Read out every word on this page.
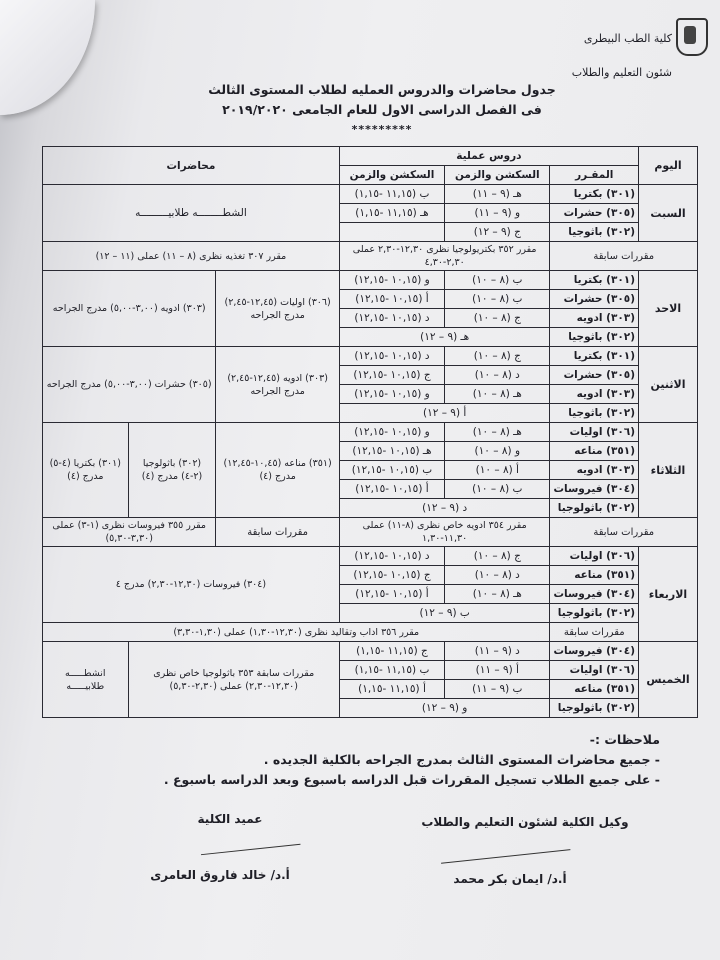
كلية الطب البيطرى
شئون التعليم والطلاب
جدول محاضرات والدروس العمليه لطلاب المستوى الثالث
فى الفصل الدراسى الاول للعام الجامعى ٢٠١٩/٢٠٢٠
*********
اليوم	دروس عملية			محاضرات		
	المقـرر	السكشن والزمن	السكشن والزمن			
السبت	(٣٠١) بكتريا	هـ (٩ – ١١)	ب (١١,١٥ -١,١٥)	الشطــــــــه طلابيـــــــــه		
	(٣٠٥) حشرات	و (٩ – ١١)	هـ (١١,١٥ -١,١٥)			
	(٣٠٢) باثوجيا	ج (٩ – ١٢)				
مقررات سابقة		مقرر ٣٥٢ بكتريولوجيا نظرى ١٢,٣٠-٢,٣٠ عملى ٢,٣٠-٤,٣٠		مقرر ٣٠٧ تغذيه نظرى (٨ – ١١) عملى (١١ – ١٢)		
الاحد	(٣٠١) بكتريا	ب (٨ – ١٠)	و (١٠,١٥ -١٢,١٥)	(٣٠٦) اوليات (١٢,٤٥-٢,٤٥) مدرج الجراحه	(٣٠٣) ادويه (٣,٠٠-٥,٠٠) مدرج الجراحه	
	(٣٠٥) حشرات	ب (٨ – ١٠)	أ (١٠,١٥ -١٢,١٥)			
	(٣٠٣) ادويه	ج (٨ – ١٠)	د (١٠,١٥ -١٢,١٥)			
	(٣٠٢) باثوجيا	هـ (٩ – ١٢)				
الاثنين	(٣٠١) بكتريا	ج (٨ – ١٠)	د (١٠,١٥ -١٢,١٥)	(٣٠٣) ادويه (١٢,٤٥-٢,٤٥) مدرج الجراحه	(٣٠٥) حشرات (٣,٠٠-٥,٠٠) مدرج الجراحه	
	(٣٠٥) حشرات	د (٨ – ١٠)	ج (١٠,١٥ -١٢,١٥)			
	(٣٠٣) ادويه	هـ (٨ – ١٠)	و (١٠,١٥ -١٢,١٥)			
	(٣٠٢) باثوجيا	أ (٩ – ١٢)				
الثلاثاء	(٣٠٦) اوليات	هـ (٨ – ١٠)	و (١٠,١٥ -١٢,١٥)	(٣٥١) مناعه (١٠,٤٥-١٢,٤٥) مدرج (٤)	(٣٠٢) باثولوجيا (٢-٤) مدرج (٤)	(٣٠١) بكتريا (٤-٥) مدرج (٤)
	(٣٥١) مناعه	و (٨ – ١٠)	هـ (١٠,١٥ -١٢,١٥)			
	(٣٠٣) ادويه	أ (٨ – ١٠)	ب (١٠,١٥ -١٢,١٥)			
	(٣٠٤) فيروسات	ب (٨ – ١٠)	أ (١٠,١٥ -١٢,١٥)			
	(٣٠٢) باثولوجيا	د (٩ – ١٢)				
مقررات سابقة		مقرر ٣٥٤ ادويه خاص نظرى (٨-١١) عملى ١١,٣٠-١,٣٠		مقررات سابقة	مقرر ٣٥٥ فيروسات نظرى (١-٣) عملى (٣,٣٠-٥,٣٠)	
الاربعاء	(٣٠٦) اوليات	ج (٨ – ١٠)	د (١٠,١٥ -١٢,١٥)	(٣٠٤) فيروسات (١٢,٣٠-٢,٣٠) مدرج ٤		
	(٣٥١) مناعه	د (٨ – ١٠)	ج (١٠,١٥ -١٢,١٥)			
	(٣٠٤) فيروسات	هـ (٨ – ١٠)	أ (١٠,١٥ -١٢,١٥)			
	(٣٠٢) باثولوجيا	ب (٩ – ١٢)				
	مقررات سابقة	مقرر ٣٥٦ اداب وتقاليد نظرى (١٢,٣٠-١,٣٠) عملى (١,٣٠-٣,٣٠)				
الخميس	(٣٠٤) فيروسات	د (٩ – ١١)	ج (١١,١٥ -١,١٥)	مقررات سابقة ٣٥٣ باثولوجيا خاص نظرى (١٢,٣٠-٢,٣٠) عملى (٢,٣٠-٥,٣٠)		انشطـــــه طلابيـــــه
	(٣٠٦) اوليات	أ (٩ – ١١)	ب (١١,١٥ -١,١٥)			
	(٣٥١) مناعه	ب (٩ – ١١)	أ (١١,١٥ -١,١٥)			
	(٣٠٢) باثولوجيا	و (٩ – ١٢)				
ملاحظات :-
- جميع محاضرات المستوى الثالث بمدرج الجراحه بالكلية الجديده .
- على جميع الطلاب تسجيل المقررات قبل الدراسه باسبوع وبعد الدراسه باسبوع .
عميد الكلية
أ.د/ خالد فاروق العامرى
وكيل الكلية لشئون التعليم والطلاب
أ.د/ ايمان بكر محمد
